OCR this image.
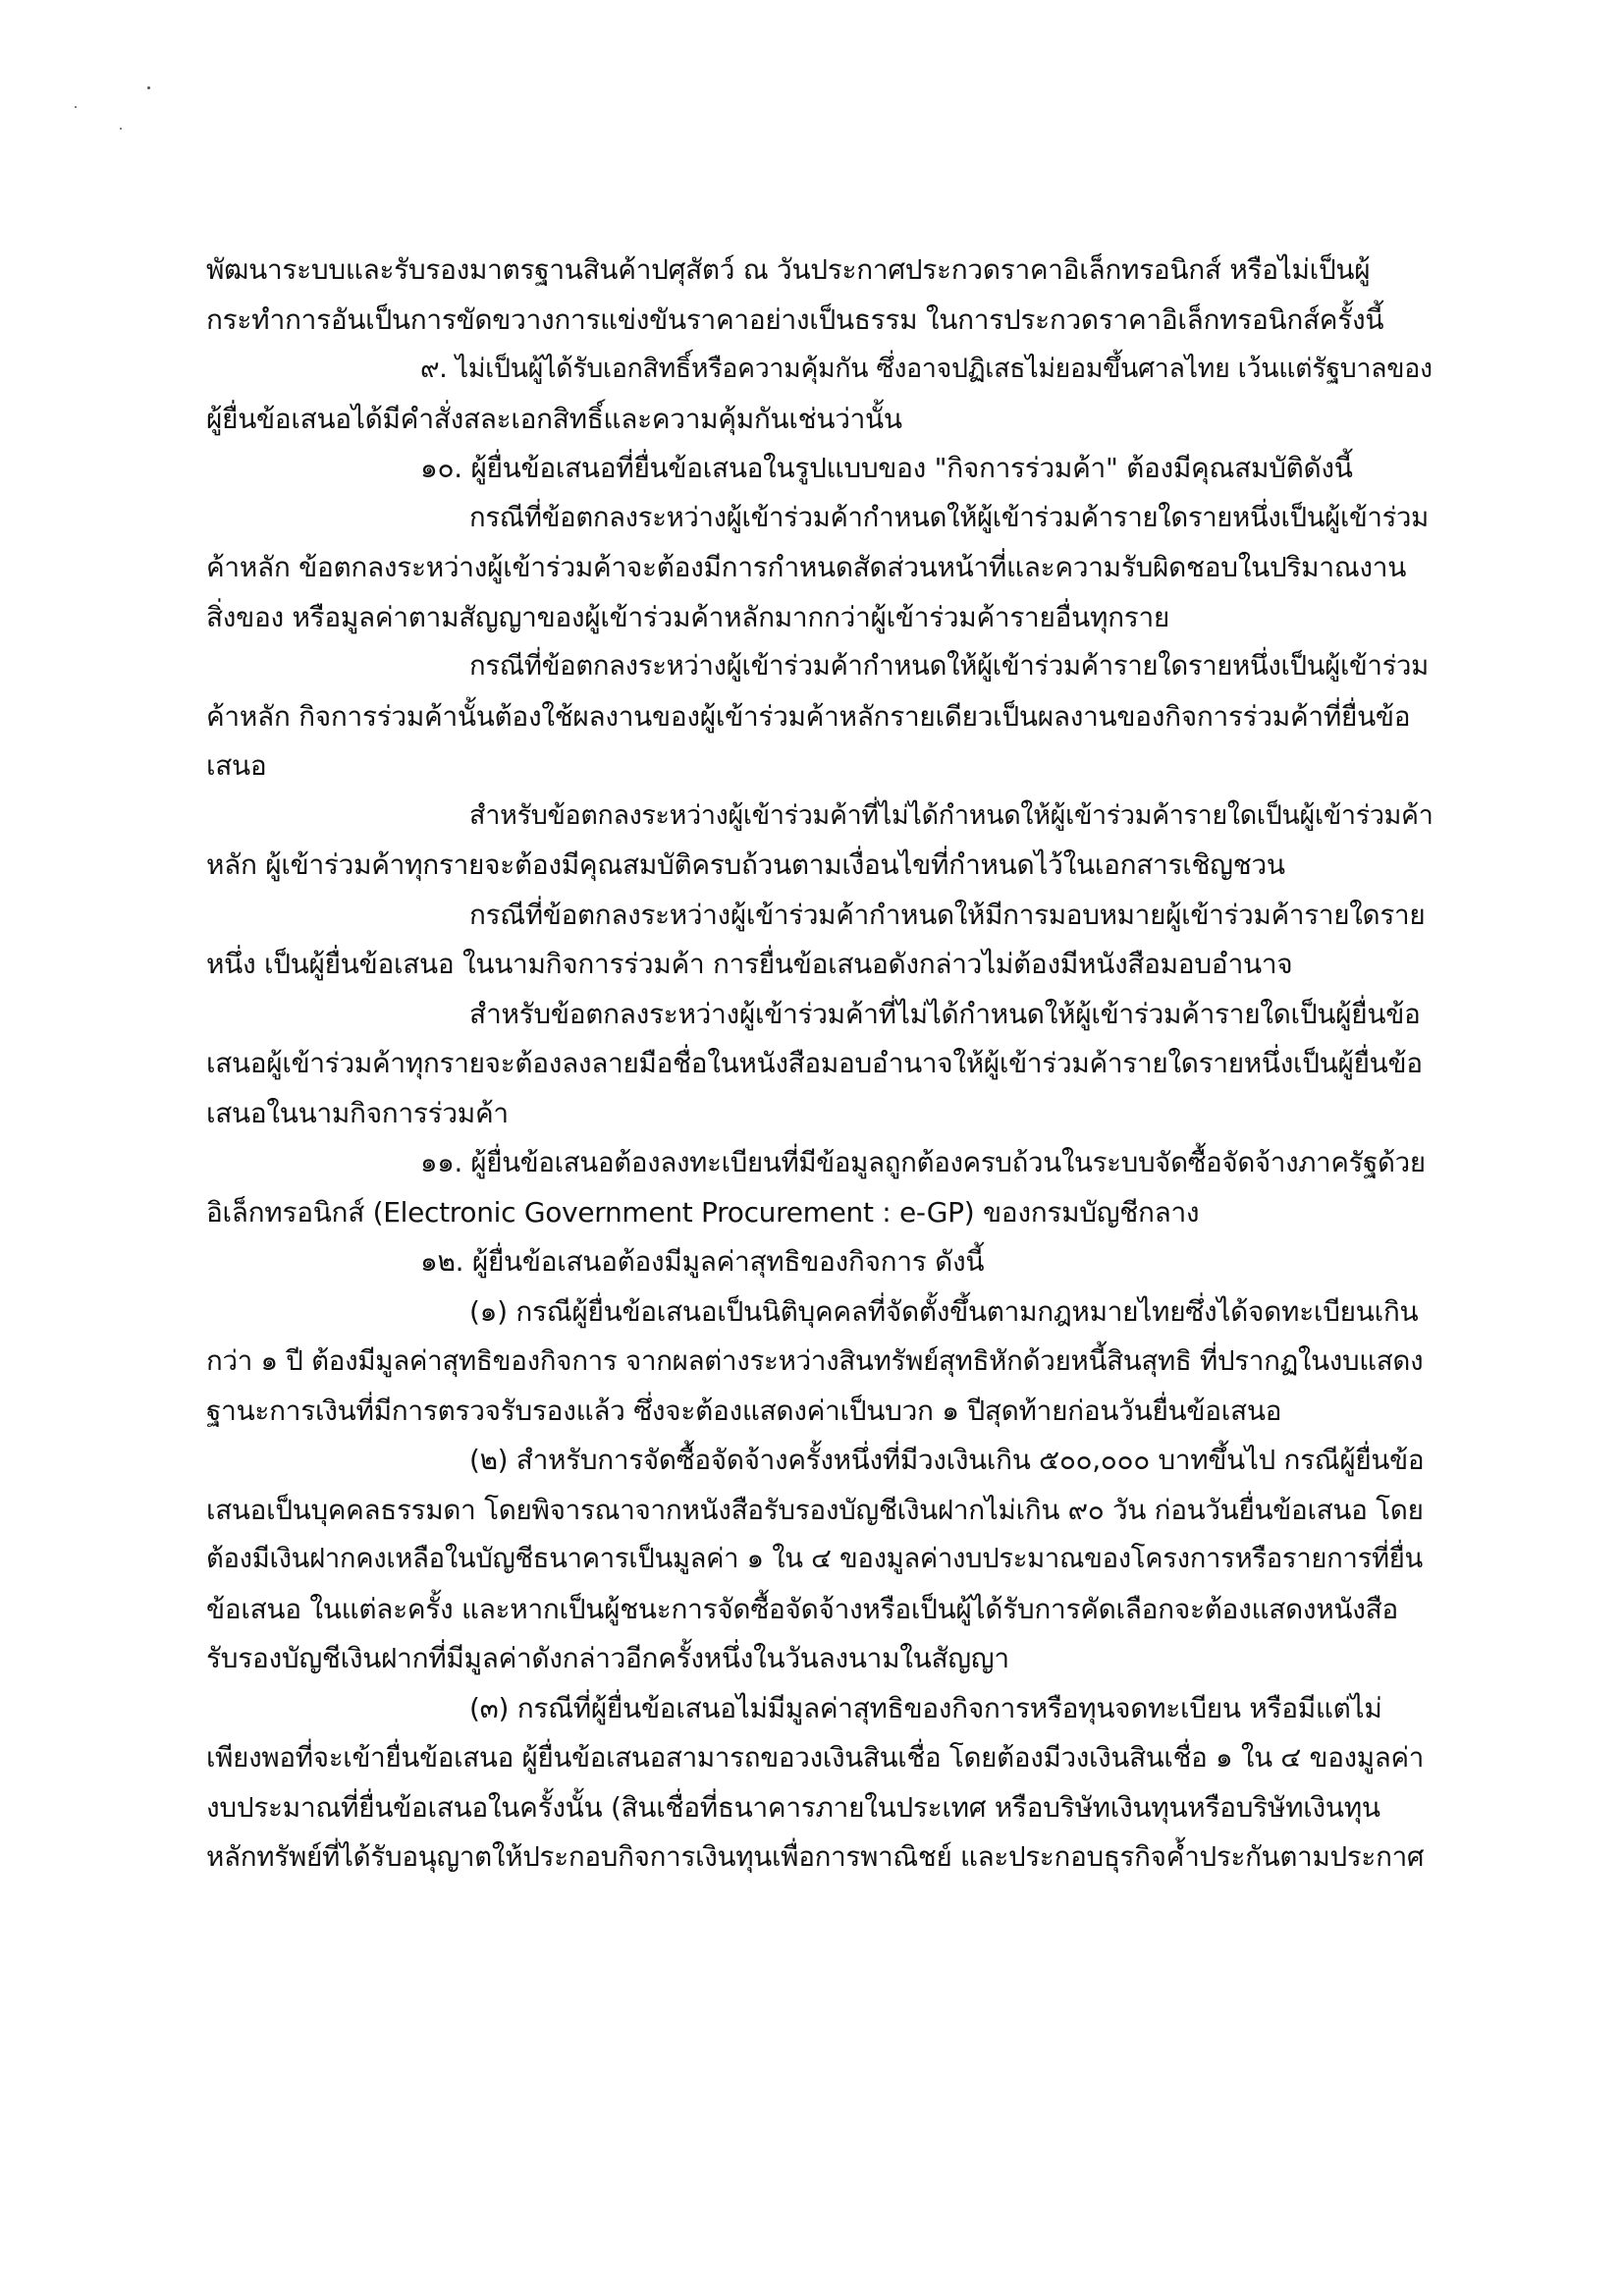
พัฒนาระบบและรับรองมาตรฐานสินค้าปศุสัตว์ ณ วันประกาศประกวดราคาอิเล็กทรอนิกส์ หรือไม่เป็นผู้
กระทำการอันเป็นการขัดขวางการแข่งขันราคาอย่างเป็นธรรม ในการประกวดราคาอิเล็กทรอนิกส์ครั้งนี้
๙. ไม่เป็นผู้ได้รับเอกสิทธิ์หรือความคุ้มกัน ซึ่งอาจปฏิเสธไม่ยอมขึ้นศาลไทย เว้นแต่รัฐบาลของ
ผู้ยื่นข้อเสนอได้มีคำสั่งสละเอกสิทธิ์และความคุ้มกันเช่นว่านั้น
๑๐. ผู้ยื่นข้อเสนอที่ยื่นข้อเสนอในรูปแบบของ "กิจการร่วมค้า" ต้องมีคุณสมบัติดังนี้
กรณีที่ข้อตกลงระหว่างผู้เข้าร่วมค้ากำหนดให้ผู้เข้าร่วมค้ารายใดรายหนึ่งเป็นผู้เข้าร่วม
ค้าหลัก ข้อตกลงระหว่างผู้เข้าร่วมค้าจะต้องมีการกำหนดสัดส่วนหน้าที่และความรับผิดชอบในปริมาณงาน
สิ่งของ หรือมูลค่าตามสัญญาของผู้เข้าร่วมค้าหลักมากกว่าผู้เข้าร่วมค้ารายอื่นทุกราย
กรณีที่ข้อตกลงระหว่างผู้เข้าร่วมค้ากำหนดให้ผู้เข้าร่วมค้ารายใดรายหนึ่งเป็นผู้เข้าร่วม
ค้าหลัก กิจการร่วมค้านั้นต้องใช้ผลงานของผู้เข้าร่วมค้าหลักรายเดียวเป็นผลงานของกิจการร่วมค้าที่ยื่นข้อ
เสนอ
สำหรับข้อตกลงระหว่างผู้เข้าร่วมค้าที่ไม่ได้กำหนดให้ผู้เข้าร่วมค้ารายใดเป็นผู้เข้าร่วมค้า
หลัก ผู้เข้าร่วมค้าทุกรายจะต้องมีคุณสมบัติครบถ้วนตามเงื่อนไขที่กำหนดไว้ในเอกสารเชิญชวน
กรณีที่ข้อตกลงระหว่างผู้เข้าร่วมค้ากำหนดให้มีการมอบหมายผู้เข้าร่วมค้ารายใดราย
หนึ่ง เป็นผู้ยื่นข้อเสนอ ในนามกิจการร่วมค้า การยื่นข้อเสนอดังกล่าวไม่ต้องมีหนังสือมอบอำนาจ
สำหรับข้อตกลงระหว่างผู้เข้าร่วมค้าที่ไม่ได้กำหนดให้ผู้เข้าร่วมค้ารายใดเป็นผู้ยื่นข้อ
เสนอผู้เข้าร่วมค้าทุกรายจะต้องลงลายมือชื่อในหนังสือมอบอำนาจให้ผู้เข้าร่วมค้ารายใดรายหนึ่งเป็นผู้ยื่นข้อ
เสนอในนามกิจการร่วมค้า
๑๑. ผู้ยื่นข้อเสนอต้องลงทะเบียนที่มีข้อมูลถูกต้องครบถ้วนในระบบจัดซื้อจัดจ้างภาครัฐด้วย
อิเล็กทรอนิกส์ (Electronic Government Procurement : e-GP) ของกรมบัญชีกลาง
๑๒. ผู้ยื่นข้อเสนอต้องมีมูลค่าสุทธิของกิจการ ดังนี้
(๑) กรณีผู้ยื่นข้อเสนอเป็นนิติบุคคลที่จัดตั้งขึ้นตามกฎหมายไทยซึ่งได้จดทะเบียนเกิน
กว่า ๑ ปี ต้องมีมูลค่าสุทธิของกิจการ จากผลต่างระหว่างสินทรัพย์สุทธิหักด้วยหนี้สินสุทธิ ที่ปรากฏในงบแสดง
ฐานะการเงินที่มีการตรวจรับรองแล้ว ซึ่งจะต้องแสดงค่าเป็นบวก ๑ ปีสุดท้ายก่อนวันยื่นข้อเสนอ
(๒) สำหรับการจัดซื้อจัดจ้างครั้งหนึ่งที่มีวงเงินเกิน ๕๐๐,๐๐๐ บาทขึ้นไป กรณีผู้ยื่นข้อ
เสนอเป็นบุคคลธรรมดา โดยพิจารณาจากหนังสือรับรองบัญชีเงินฝากไม่เกิน ๙๐ วัน ก่อนวันยื่นข้อเสนอ โดย
ต้องมีเงินฝากคงเหลือในบัญชีธนาคารเป็นมูลค่า ๑ ใน ๔ ของมูลค่างบประมาณของโครงการหรือรายการที่ยื่น
ข้อเสนอ ในแต่ละครั้ง และหากเป็นผู้ชนะการจัดซื้อจัดจ้างหรือเป็นผู้ได้รับการคัดเลือกจะต้องแสดงหนังสือ
รับรองบัญชีเงินฝากที่มีมูลค่าดังกล่าวอีกครั้งหนึ่งในวันลงนามในสัญญา
(๓) กรณีที่ผู้ยื่นข้อเสนอไม่มีมูลค่าสุทธิของกิจการหรือทุนจดทะเบียน หรือมีแต่ไม่
เพียงพอที่จะเข้ายื่นข้อเสนอ ผู้ยื่นข้อเสนอสามารถขอวงเงินสินเชื่อ โดยต้องมีวงเงินสินเชื่อ ๑ ใน ๔ ของมูลค่า
งบประมาณที่ยื่นข้อเสนอในครั้งนั้น (สินเชื่อที่ธนาคารภายในประเทศ หรือบริษัทเงินทุนหรือบริษัทเงินทุน
หลักทรัพย์ที่ได้รับอนุญาตให้ประกอบกิจการเงินทุนเพื่อการพาณิชย์ และประกอบธุรกิจค้ำประกันตามประกาศ
